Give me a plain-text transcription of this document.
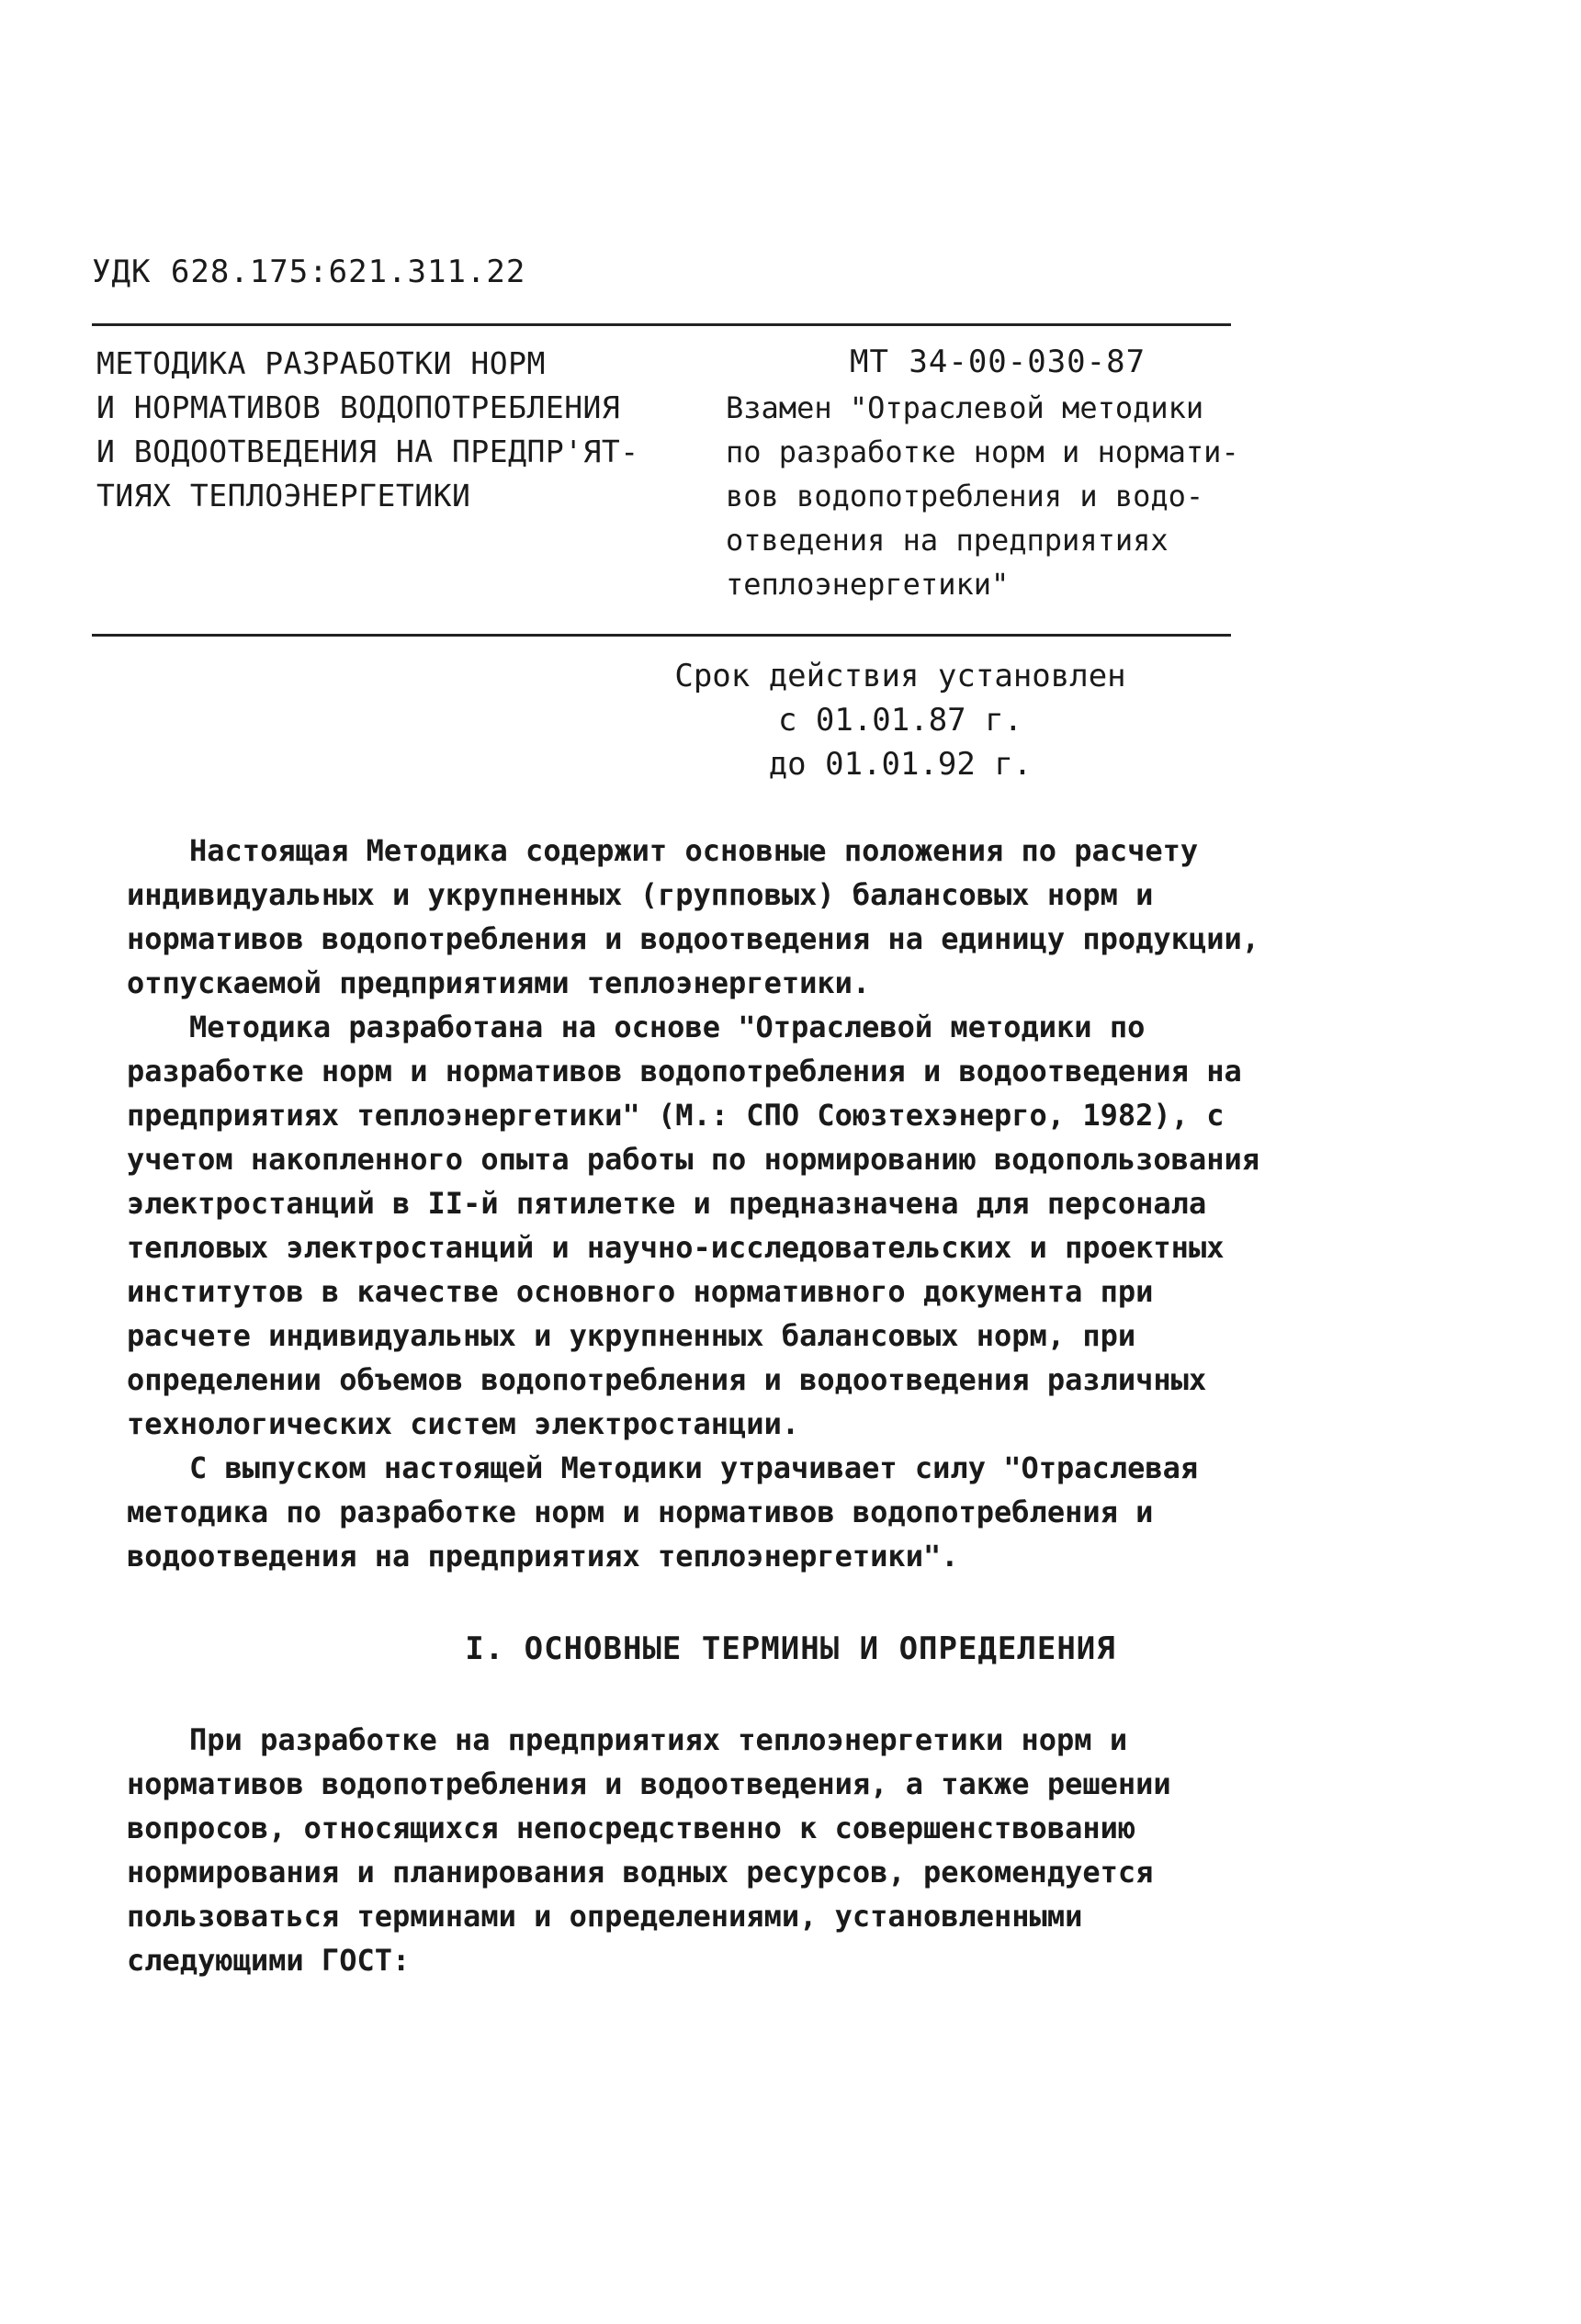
УДК 628.175:621.311.22
МЕТОДИКА РАЗРАБОТКИ НОРМ
И НОРМАТИВОВ ВОДОПОТРЕБЛЕНИЯ
И ВОДООТВЕДЕНИЯ НА ПРЕДПР'ЯТ-
ТИЯХ ТЕПЛОЭНЕРГЕТИКИ
МТ 34-00-030-87
Взамен "Отраслевой методики
по разработке норм и нормати-
вов водопотребления и водо-
отведения на предприятиях
теплоэнергетики"
Срок действия установлен
с 01.01.87 г.
до 01.01.92 г.

Настоящая Методика содержит основные положения по расчету индивидуальных и укрупненных (групповых) балансовых норм и нормативов водопотребления и водоотведения на единицу продукции, отпускаемой предприятиями теплоэнергетики.

Методика разработана на основе "Отраслевой методики по разработке норм и нормативов водопотребления и водоотведения на предприятиях теплоэнергетики" (М.: СПО Союзтехэнерго, 1982), с учетом накопленного опыта работы по нормированию водопользования электростанций в II-й пятилетке и предназначена для персонала тепловых электростанций и научно-исследовательских и проектных институтов в качестве основного нормативного документа при расчете индивидуальных и укрупненных балансовых норм, при определении объемов водопотребления и водоотведения различных технологических систем электростанции.

С выпуском настоящей Методики утрачивает силу "Отраслевая методика по разработке норм и нормативов водопотребления и водоотведения на предприятиях теплоэнергетики".

I. ОСНОВНЫЕ ТЕРМИНЫ И ОПРЕДЕЛЕНИЯ

При разработке на предприятиях теплоэнергетики норм и нормативов водопотребления и водоотведения, а также решении вопросов, относящихся непосредственно к совершенствованию нормирования и планирования водных ресурсов, рекомендуется пользоваться терминами и определениями, установленными следующими ГОСТ:
